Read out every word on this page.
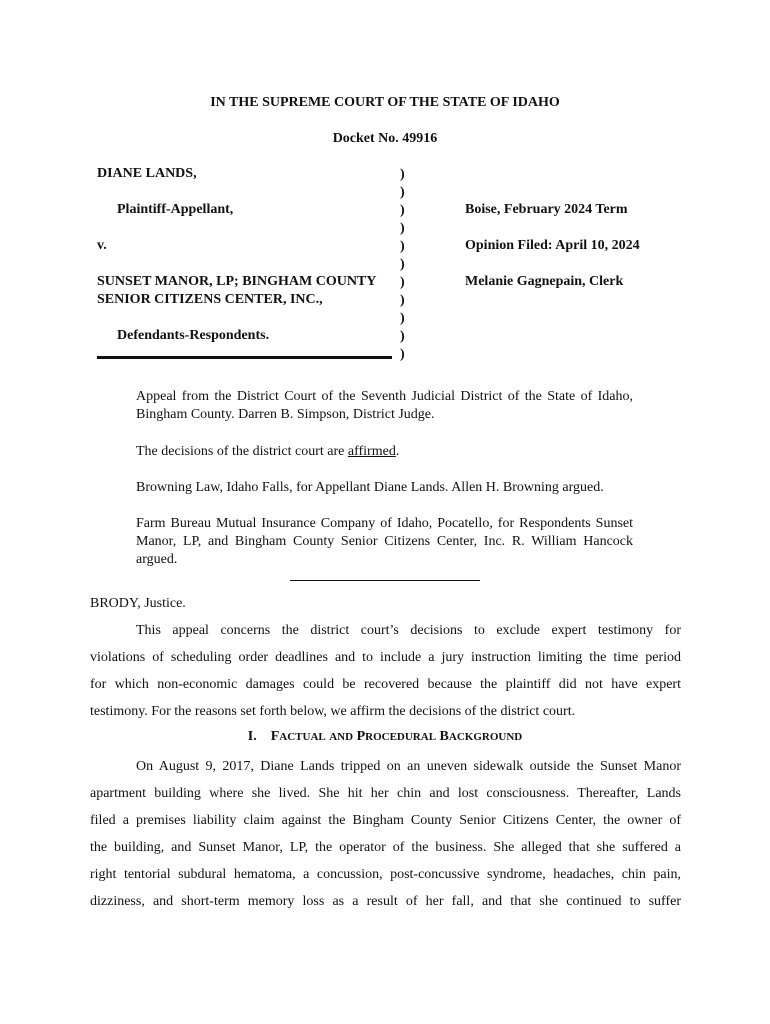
IN THE SUPREME COURT OF THE STATE OF IDAHO
Docket No. 49916
DIANE LANDS,
Plaintiff-Appellant,
v.
SUNSET MANOR, LP; BINGHAM COUNTY
SENIOR CITIZENS CENTER, INC.,
Defendants-Respondents.
)
)
)
)
)
)
)
)
)
)
)
Boise, February 2024 Term
Opinion Filed: April 10, 2024
Melanie Gagnepain, Clerk
Appeal from the District Court of the Seventh Judicial District of the State of Idaho, Bingham County. Darren B. Simpson, District Judge.
The decisions of the district court are affirmed.
Browning Law, Idaho Falls, for Appellant Diane Lands. Allen H. Browning argued.
Farm Bureau Mutual Insurance Company of Idaho, Pocatello, for Respondents Sunset Manor, LP, and Bingham County Senior Citizens Center, Inc. R. William Hancock argued.
BRODY, Justice.
This appeal concerns the district court’s decisions to exclude expert testimony for
violations of scheduling order deadlines and to include a jury instruction limiting the time period
for which non-economic damages could be recovered because the plaintiff did not have expert
testimony. For the reasons set forth below, we affirm the decisions of the district court.
I. FACTUAL AND PROCEDURAL BACKGROUND
On August 9, 2017, Diane Lands tripped on an uneven sidewalk outside the Sunset Manor
apartment building where she lived. She hit her chin and lost consciousness. Thereafter, Lands
filed a premises liability claim against the Bingham County Senior Citizens Center, the owner of
the building, and Sunset Manor, LP, the operator of the business. She alleged that she suffered a
right tentorial subdural hematoma, a concussion, post-concussive syndrome, headaches, chin pain,
dizziness, and short-term memory loss as a result of her fall, and that she continued to suffer
